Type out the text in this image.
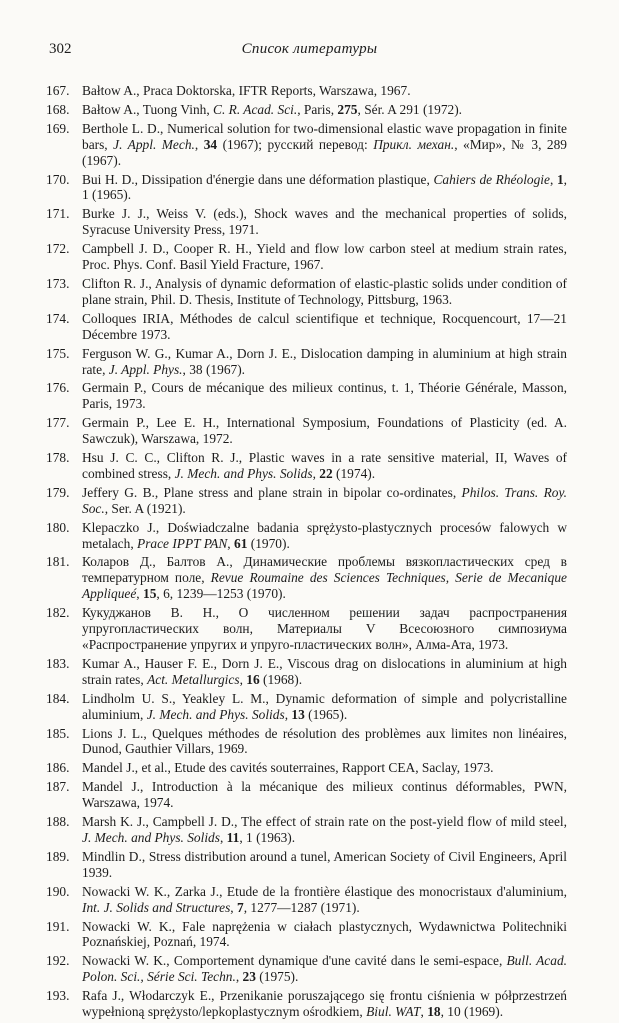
302	Список литературы
167. Bałtow A., Praca Doktorska, IFTR Reports, Warszawa, 1967.
168. Bałtow A., Tuong Vinh, C. R. Acad. Sci., Paris, 275, Sér. A 291 (1972).
169. Berthole L. D., Numerical solution for two-dimensional elastic wave propagation in finite bars, J. Appl. Mech., 34 (1967); русский перевод: Прикл. механ., «Мир», № 3, 289 (1967).
170. Bui H. D., Dissipation d'énergie dans une déformation plastique, Cahiers de Rhéologie, 1, 1 (1965).
171. Burke J. J., Weiss V. (eds.), Shock waves and the mechanical properties of solids, Syracuse University Press, 1971.
172. Campbell J. D., Cooper R. H., Yield and flow low carbon steel at medium strain rates, Proc. Phys. Conf. Basil Yield Fracture, 1967.
173. Clifton R. J., Analysis of dynamic deformation of elastic-plastic solids under condition of plane strain, Phil. D. Thesis, Institute of Technology, Pittsburg, 1963.
174. Colloques IRIA, Méthodes de calcul scientifique et technique, Rocquencourt, 17—21 Décembre 1973.
175. Ferguson W. G., Kumar A., Dorn J. E., Dislocation damping in aluminium at high strain rate, J. Appl. Phys., 38 (1967).
176. Germain P., Cours de mécanique des milieux continus, t. 1, Théorie Générale, Masson, Paris, 1973.
177. Germain P., Lee E. H., International Symposium, Foundations of Plasticity (ed. A. Sawczuk), Warszawa, 1972.
178. Hsu J. C. C., Clifton R. J., Plastic waves in a rate sensitive material, II, Waves of combined stress, J. Mech. and Phys. Solids, 22 (1974).
179. Jeffery G. B., Plane stress and plane strain in bipolar co-ordinates, Philos. Trans. Roy. Soc., Ser. A (1921).
180. Klepaczko J., Doświadczalne badania sprężysto-plastycznych procesów falowych w metalach, Prace IPPT PAN, 61 (1970).
181. Коларов Д., Балтов А., Динамические проблемы вязкопластических сред в температурном поле, Revue Roumaine des Sciences Techniques, Serie de Mecanique Appliqueé, 15, 6, 1239—1253 (1970).
182. Кукуджанов В. Н., О численном решении задач распространения упругопластических волн, Материалы V Всесоюзного симпозиума «Распространение упругих и упруго-пластических волн», Алма-Ата, 1973.
183. Kumar A., Hauser F. E., Dorn J. E., Viscous drag on dislocations in aluminium at high strain rates, Act. Metallurgics, 16 (1968).
184. Lindholm U. S., Yeakley L. M., Dynamic deformation of simple and polycristalline aluminium, J. Mech. and Phys. Solids, 13 (1965).
185. Lions J. L., Quelques méthodes de résolution des problèmes aux limites non linéaires, Dunod, Gauthier Villars, 1969.
186. Mandel J., et al., Etude des cavités souterraines, Rapport CEA, Saclay, 1973.
187. Mandel J., Introduction à la mécanique des milieux continus déformables, PWN, Warszawa, 1974.
188. Marsh K. J., Campbell J. D., The effect of strain rate on the post-yield flow of mild steel, J. Mech. and Phys. Solids, 11, 1 (1963).
189. Mindlin D., Stress distribution around a tunel, American Society of Civil Engineers, April 1939.
190. Nowacki W. K., Zarka J., Etude de la frontière élastique des monocristaux d'aluminium, Int. J. Solids and Structures, 7, 1277—1287 (1971).
191. Nowacki W. K., Fale naprężenia w ciałach plastycznych, Wydawnictwa Politechniki Poznańskiej, Poznań, 1974.
192. Nowacki W. K., Comportement dynamique d'une cavité dans le semi-espace, Bull. Acad. Polon. Sci., Série Sci. Techn., 23 (1975).
193. Rafa J., Włodarczyk E., Przenikanie poruszającego się frontu ciśnienia w półprzestrzeń wypełnioną sprężysto/lepkoplastycznym ośrodkiem, Biul. WAT, 18, 10 (1969).
